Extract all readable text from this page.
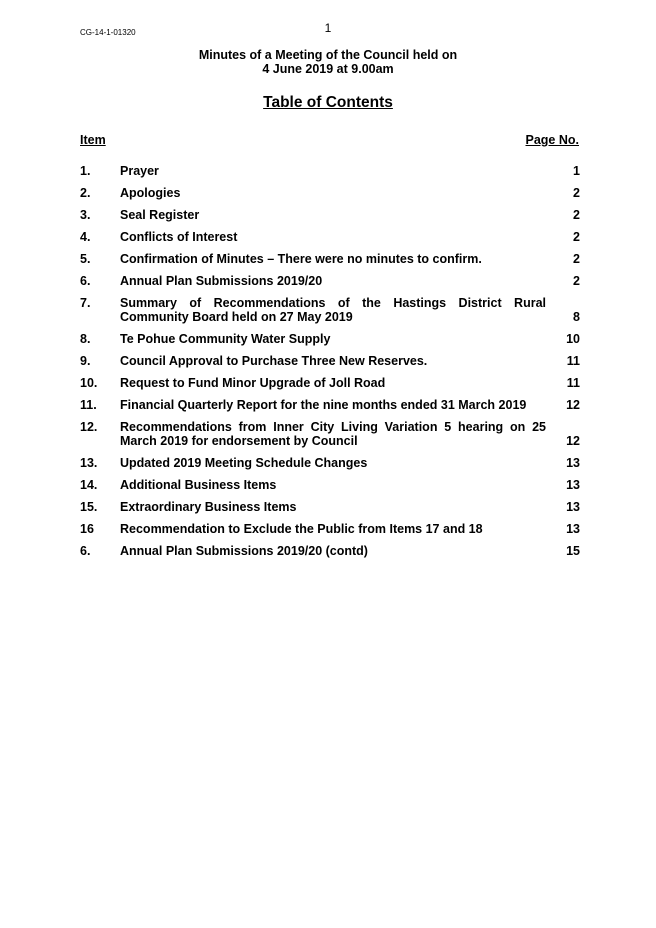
CG-14-1-01320	1
Minutes of a Meeting of the Council held on
4 June 2019 at 9.00am
Table of Contents
Item	Page No.
1.	Prayer	1
2.	Apologies	2
3.	Seal Register	2
4.	Conflicts of Interest	2
5.	Confirmation of Minutes – There were no minutes to confirm.	2
6.	Annual Plan Submissions 2019/20	2
7.	Summary of Recommendations of the Hastings District Rural Community Board held on 27 May 2019	8
8.	Te Pohue Community Water Supply	10
9.	Council Approval to Purchase Three New Reserves.	11
10.	Request to Fund Minor Upgrade of Joll Road	11
11.	Financial Quarterly Report for the nine months ended 31 March 2019	12
12.	Recommendations from Inner City Living Variation 5 hearing on 25 March 2019 for endorsement by Council	12
13.	Updated 2019 Meeting Schedule Changes	13
14.	Additional Business Items	13
15.	Extraordinary Business Items	13
16	Recommendation to Exclude the Public from Items 17 and 18	13
6.	Annual Plan Submissions 2019/20 (contd)	15
